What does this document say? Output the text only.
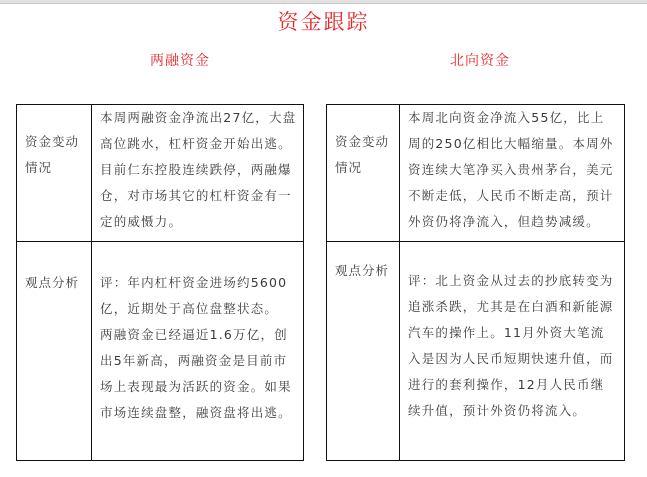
资金跟踪
两融资金	北向资金
资金变动情况	本周两融资金净流出27亿，大盘高位跳水，杠杆资金开始出逃。目前仁东控股连续跌停，两融爆仓，对市场其它的杠杆资金有一定的威慑力。

观点分析	评：年内杠杆资金进场约5600亿，近期处于高位盘整状态。
两融资金已经逼近1.6万亿，创出5年新高，两融资金是目前市场上表现最为活跃的资金。如果市场连续盘整，融资盘将出逃。
资金变动情况	本周北向资金净流入55亿，比上周的250亿相比大幅缩量。本周外资连续大笔净买入贵州茅台，美元不断走低，人民币不断走高，预计外资仍将净流入，但趋势减缓。

观点分析	评：北上资金从过去的抄底转变为追涨杀跌，尤其是在白酒和新能源汽车的操作上。11月外资大笔流入是因为人民币短期快速升值，而进行的套利操作，12月人民币继续升值，预计外资仍将流入。
